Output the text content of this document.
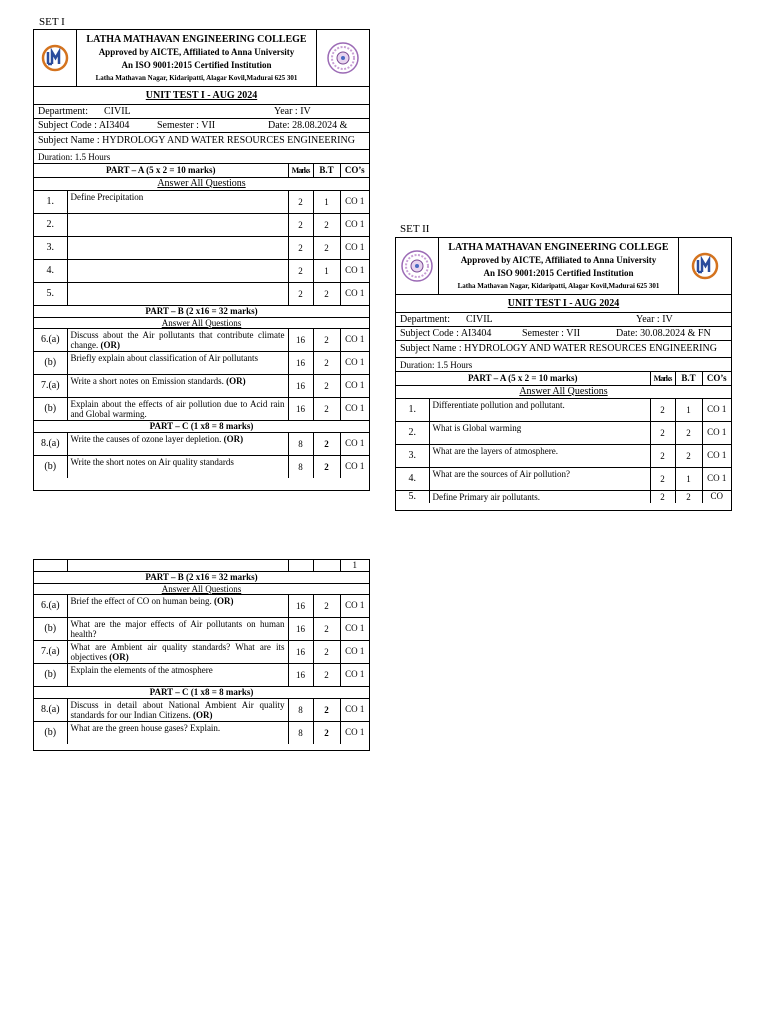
SET I
LATHA MATHAVAN ENGINEERING COLLEGE
Approved by AICTE, Affiliated to Anna University
An ISO 9001:2015 Certified Institution
Latha Mathavan Nagar, Kidaripatti, Alagar Kovil,Madurai 625 301
UNIT TEST I - AUG 2024
Department: CIVIL	Year : IV
Subject Code : AI3404	Semester : VII	Date: 28.08.2024 &
Subject Name : HYDROLOGY AND WATER RESOURCES ENGINEERING
Duration: 1.5 Hours
PART – A (5 x 2 = 10 marks)		Marks	B.T	CO’s
Answer All Questions				
1.	Define Precipitation	2	1	CO 1
2.		2	2	CO 1
3.		2	2	CO 1
4.		2	1	CO 1
5.		2	2	CO 1
PART – B (2 x16 = 32 marks)				
Answer All Questions				
6.(a)	Discuss about the Air pollutants that contribute climate change. (OR)	16	2	CO 1
(b)	Briefly explain about classification of Air pollutants	16	2	CO 1
7.(a)	Write a short notes on Emission standards. (OR)	16	2	CO 1
(b)	Explain about the effects of air pollution due to Acid rain and Global warming.	16	2	CO 1
PART – C (1 x8 = 8 marks)				
8.(a)	Write the causes of ozone layer depletion. (OR)	8	2	CO 1
(b)	Write the short notes on Air quality standards	8	2	CO 1
				1
PART – B (2 x16 = 32 marks)				
Answer All Questions				
6.(a)	Brief the effect of CO on human being. (OR)	16	2	CO 1
(b)	What are the major effects of Air pollutants on human health?	16	2	CO 1
7.(a)	What are Ambient air quality standards? What are its objectives (OR)	16	2	CO 1
(b)	Explain the elements of the atmosphere	16	2	CO 1
PART – C (1 x8 = 8 marks)				
8.(a)	Discuss in detail about National Ambient Air quality standards for our Indian Citizens. (OR)	8	2	CO 1
(b)	What are the green house gases? Explain.	8	2	CO 1
SET II
LATHA MATHAVAN ENGINEERING COLLEGE
Approved by AICTE, Affiliated to Anna University
An ISO 9001:2015 Certified Institution
Latha Mathavan Nagar, Kidaripatti, Alagar Kovil,Madurai 625 301
UNIT TEST I - AUG 2024
Department: CIVIL	Year : IV
Subject Code : AI3404	Semester : VII	Date: 30.08.2024 & FN
Subject Name : HYDROLOGY AND WATER RESOURCES ENGINEERING
Duration: 1.5 Hours
PART – A (5 x 2 = 10 marks)		Marks	B.T	CO’s
Answer All Questions				
1.	Differentiate pollution and pollutant.	2	1	CO 1
2.	What is Global warming	2	2	CO 1
3.	What are the layers of atmosphere.	2	2	CO 1
4.	What are the sources of Air pollution?	2	1	CO 1
5.	Define Primary air pollutants.	2	2	CO
